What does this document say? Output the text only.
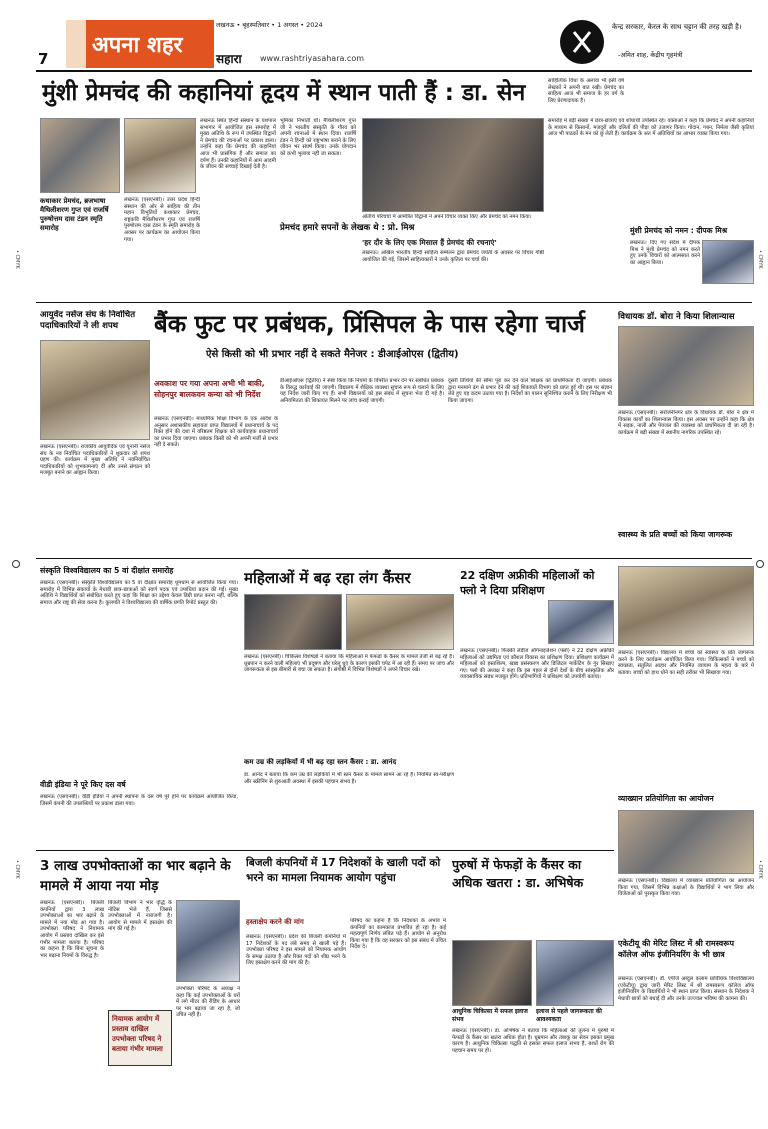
7
अपना शहर
लखनऊ • बृहस्पतिवार • 1 अगस्त • 2024
सहारा www.rashtriyasahara.com
केन्द्र सरकार, केरल के साथ चट्टान की तरह खड़ी है।
-अमित शाह, केंद्रीय गृहमंत्री
मुंशी प्रेमचंद की कहानियां हृदय में स्थान पाती हैं : डा. सेन
कथाकार प्रेमचंद, ब्रजभाषा मैथिलीशरण गुप्त एवं राजर्षि पुरुषोत्तम दास टंडन स्मृति समारोह
लखनऊ (एसएनबी)। उत्तर प्रदेश हिन्दी संस्थान की ओर से साहित्य की तीन महान विभूतियों कथाकार प्रेमचंद, राष्ट्रकवि मैथिलीशरण गुप्त एवं राजर्षि पुरुषोत्तम दास टंडन के स्मृति समारोह के अवसर पर कार्यक्रम का आयोजन किया गया।
लखनऊ स्थित हिन्दी संस्थान के यशपाल सभागार में आयोजित इस समारोह में मुख्य अतिथि के रूप में उपस्थित विद्वानों ने प्रेमचंद की रचनाओं पर प्रकाश डाला। उन्होंने कहा कि प्रेमचंद की कहानियां आज भी प्रासंगिक हैं और समाज का दर्पण हैं। उनकी कहानियों में आम आदमी के जीवन की सच्चाई दिखाई देती है।
भूमिका निभाती थी। मैथिलीशरण गुप्त जी ने भारतीय संस्कृति के गौरव को अपनी रचनाओं में स्थान दिया। राजर्षि टंडन ने हिन्दी को राष्ट्रभाषा बनाने के लिए जीवन भर संघर्ष किया। उनके योगदान को कभी भुलाया नहीं जा सकता।
प्रेमचंद हमारे सपनों के लेखक थे : प्रो. मिश्र
अतिथि परिचर्चा में आमंत्रित विद्वानों ने अपने विचार व्यक्त किए और प्रेमचंद को नमन किया।
'हर दौर के लिए एक मिसाल हैं प्रेमचंद की रचनाएं'
लखनऊ। अखिल भारतीय हिन्दी साहित्य सम्मेलन द्वारा प्रेमचंद जयंती के अवसर पर विचार गोष्ठी आयोजित की गई, जिसमें साहित्यकारों ने उनके कृतित्व पर चर्चा की।
साहित्यिक विधा के अलावा भी इसी वर्ष लेखकों ने अपनी बात रखी। प्रेमचंद का साहित्य आज भी समाज के हर वर्ग के लिए प्रेरणादायक है।
समारोह में बड़ी संख्या में छात्र-छात्राएं एवं शोधार्थी उपस्थित रहे। वक्ताओं ने कहा कि प्रेमचंद ने अपनी कहानियों के माध्यम से किसानों, मजदूरों और दलितों की पीड़ा को उजागर किया। गोदान, गबन, निर्मला जैसी कृतियां आज भी पाठकों के मन को छू लेती हैं। कार्यक्रम के अंत में अतिथियों का आभार व्यक्त किया गया।
मुंशी प्रेमचंद को नमन : दीपक मिश्र
लखनऊ। दिए गए संदेश में दीपक मिश्र ने मुंशी प्रेमचंद को नमन करते हुए उनके विचारों को आत्मसात करने का आह्वान किया।
आयुर्वेद नर्सेज संघ के निर्वाचित पदाधिकारियों ने ली शपथ
लखनऊ (एसएनबी)। राजकीय आयुर्वेदिक एवं यूनानी नर्सेज संघ के नव निर्वाचित पदाधिकारियों ने शुक्रवार को शपथ ग्रहण की। कार्यक्रम में मुख्य अतिथि ने नवनिर्वाचित पदाधिकारियों को शुभकामनाएं दीं और उनसे संगठन को मजबूत बनाने का आह्वान किया।
बैंक फुट पर प्रबंधक, प्रिंसिपल के पास रहेगा चार्ज
ऐसे किसी को भी प्रभार नहीं दे सकते मैनेजर : डीआईओएस (द्वितीय)
अवकाश पर गया अपना अभी भी बाकी, सोहनपुर बालकवन कन्या को भी निर्देश
लखनऊ (एसएनबी)। माध्यमिक शिक्षा विभाग के एक आदेश के अनुसार अशासकीय सहायता प्राप्त विद्यालयों में प्रधानाचार्य के पद रिक्त होने की दशा में वरिष्ठतम शिक्षक को कार्यवाहक प्रधानाचार्य का प्रभार दिया जाएगा। प्रबंधक किसी को भी अपनी मर्जी से प्रभार नहीं दे सकते।
डीआईओएस (द्वितीय) ने स्पष्ट किया कि नियमों के विपरीत प्रभार देने पर संबंधित प्रबंधक के विरुद्ध कार्रवाई की जाएगी। विद्यालय में शैक्षिक व्यवस्था सुचारु रूप से चलाने के लिए यह निर्देश जारी किए गए हैं। सभी विद्यालयों को इस संबंध में सूचना भेज दी गई है। अनियमितता की शिकायत मिलने पर जांच कराई जाएगी।
दूसरी तिथियों की सीमा पूरा कर देने वाले शिक्षक को प्राथमिकता दी जाएगी। प्रबंधक द्वारा मनमाने ढंग से प्रभार देने की कई शिकायतें विभाग को प्राप्त हुई थीं। इस पर संज्ञान लेते हुए यह कदम उठाया गया है। निर्देशों का पालन सुनिश्चित कराने के लिए निरीक्षण भी किया जाएगा।
विधायक डॉ. बोरा ने किया शिलान्यास
लखनऊ (एसएनबी)। सरोजनीनगर क्षेत्र के विधायक डॉ. बोरा ने क्षेत्र में विकास कार्यों का शिलान्यास किया। इस अवसर पर उन्होंने कहा कि क्षेत्र में सड़क, नाली और पेयजल की व्यवस्था को प्राथमिकता दी जा रही है। कार्यक्रम में बड़ी संख्या में स्थानीय नागरिक उपस्थित रहे।
स्वास्थ्य के प्रति बच्चों को किया जागरूक
संस्कृति विश्वविद्यालय का 5 वां दीक्षांत समारोह
लखनऊ (एसएनबी)। संस्कृति विश्वविद्यालय का 5 वां दीक्षांत समारोह धूमधाम से आयोजित किया गया। समारोह में विभिन्न संकायों के मेधावी छात्र-छात्राओं को स्वर्ण पदक एवं उपाधियां प्रदान की गईं। मुख्य अतिथि ने विद्यार्थियों को संबोधित करते हुए कहा कि शिक्षा का उद्देश्य केवल डिग्री प्राप्त करना नहीं, बल्कि समाज और राष्ट्र की सेवा करना है। कुलपति ने विश्वविद्यालय की वार्षिक प्रगति रिपोर्ट प्रस्तुत की।
वीडी इंडिया ने पूरे किए दस वर्ष
लखनऊ (एसएनबी)। वीडी इंडिया ने अपनी स्थापना के दस वर्ष पूरे होने पर कार्यक्रम आयोजित किया, जिसमें कंपनी की उपलब्धियों पर प्रकाश डाला गया।
महिलाओं में बढ़ रहा लंग कैंसर
लखनऊ (एसएनबी)। चिकित्सा विशेषज्ञों ने बताया कि महिलाओं में फेफड़ों के कैंसर के मामले तेजी से बढ़ रहे हैं। धूम्रपान न करने वाली महिलाएं भी प्रदूषण और घरेलू धुएं के कारण इसकी चपेट में आ रही हैं। समय पर जांच और जागरूकता से इस बीमारी से बचा जा सकता है। संगोष्ठी में विभिन्न विशेषज्ञों ने अपने विचार रखे।
कम उम्र की लड़कियों में भी बढ़ रहा स्तन कैंसर : डा. आनंद
डा. आनंद ने बताया कि कम उम्र की लड़कियों में भी स्तन कैंसर के मामले सामने आ रहे हैं। नियमित स्व-परीक्षण और स्क्रीनिंग से शुरुआती अवस्था में इसकी पहचान संभव है।
22 दक्षिण अफ्रीकी महिलाओं को फ्लो ने दिया प्रशिक्षण
लखनऊ (एसएनबी)। फिक्की लेडीज ऑर्गनाइजेशन (फ्लो) ने 22 दक्षिण अफ्रीकी महिलाओं को उद्यमिता एवं कौशल विकास का प्रशिक्षण दिया। प्रशिक्षण कार्यक्रम में महिलाओं को हस्तशिल्प, खाद्य प्रसंस्करण और डिजिटल मार्केटिंग के गुर सिखाए गए। फ्लो की अध्यक्ष ने कहा कि इस पहल से दोनों देशों के बीच सांस्कृतिक और व्यावसायिक संबंध मजबूत होंगे। प्रतिभागियों ने प्रशिक्षण को उपयोगी बताया।
लखनऊ (एसएनबी)। विद्यालय में बच्चों को स्वास्थ्य के प्रति जागरूक करने के लिए कार्यक्रम आयोजित किया गया। चिकित्सकों ने बच्चों को स्वच्छता, संतुलित आहार और नियमित व्यायाम के महत्व के बारे में बताया। बच्चों को हाथ धोने का सही तरीका भी सिखाया गया।
व्याख्यान प्रतियोगिता का आयोजन
लखनऊ (एसएनबी)। विद्यालय में व्याख्यान प्रतियोगिता का आयोजन किया गया, जिसमें विभिन्न कक्षाओं के विद्यार्थियों ने भाग लिया और विजेताओं को पुरस्कृत किया गया।
एकेटीयू की मेरिट लिस्ट में श्री रामस्वरूप कॉलेज ऑफ इंजीनियरिंग के भी छात्र
लखनऊ (एसएनबी)। डॉ. एपीजे अब्दुल कलाम प्राविधिक विश्वविद्यालय (एकेटीयू) द्वारा जारी मेरिट लिस्ट में श्री रामस्वरूप कॉलेज ऑफ इंजीनियरिंग के विद्यार्थियों ने भी स्थान प्राप्त किया। संस्थान के निदेशक ने मेधावी छात्रों को बधाई दी और उनके उज्ज्वल भविष्य की कामना की।
3 लाख उपभोक्ताओं का भार बढ़ाने के मामले में आया नया मोड़
लखनऊ (एसएनबी)। बिजली कंपनियों द्वारा 3 लाख उपभोक्ताओं का भार बढ़ाने के मामले में नया मोड़ आ गया है। उपभोक्ता परिषद ने नियामक आयोग में प्रस्ताव दाखिल कर इसे गंभीर मामला बताया है। परिषद का कहना है कि बिना सूचना के भार बढ़ाना नियमों के विरुद्ध है।
बिजली विभाग ने भार वृद्धि के नोटिस भेजे हैं, जिससे उपभोक्ताओं में नाराजगी है। आयोग से मामले में हस्तक्षेप की मांग की गई है।
नियामक आयोग में प्रस्ताव दाखिल उपभोक्ता परिषद ने बताया गंभीर मामला
उपभोक्ता परिषद के अध्यक्ष ने कहा कि कई उपभोक्ताओं के घरों में लगे मीटर की रीडिंग के आधार पर भार बढ़ाया जा रहा है, जो उचित नहीं है।
बिजली कंपनियों में 17 निदेशकों के खाली पदों को भरने का मामला नियामक आयोग पहुंचा
हस्ताक्षेप करने की मांग
लखनऊ (एसएनबी)। प्रदेश की बिजली कंपनियों में 17 निदेशकों के पद लंबे समय से खाली पड़े हैं। उपभोक्ता परिषद ने इस मामले को नियामक आयोग के समक्ष उठाया है और रिक्त पदों को शीघ्र भरने के लिए हस्तक्षेप करने की मांग की है।
परिषद का कहना है कि निदेशकों के अभाव में कंपनियों का कामकाज प्रभावित हो रहा है। कई महत्वपूर्ण निर्णय लंबित पड़े हैं। आयोग से अनुरोध किया गया है कि वह सरकार को इस संबंध में उचित निर्देश दे।
पुरुषों में फेफड़ों के कैंसर का अधिक खतरा : डा. अभिषेक
आधुनिक चिकित्सा में सफल इलाज संभव
इलाज से पहले जागरूकता की आवश्यकता
लखनऊ (एसएनबी)। डा. अभिषेक ने बताया कि महिलाओं की तुलना में पुरुषों में फेफड़ों के कैंसर का खतरा अधिक होता है। धूम्रपान और तंबाकू का सेवन इसका प्रमुख कारण है। आधुनिक चिकित्सा पद्धति से इसका सफल इलाज संभव है, बशर्ते रोग की पहचान समय पर हो।
• CMYK
• CMYK
• CMYK
• CMYK
